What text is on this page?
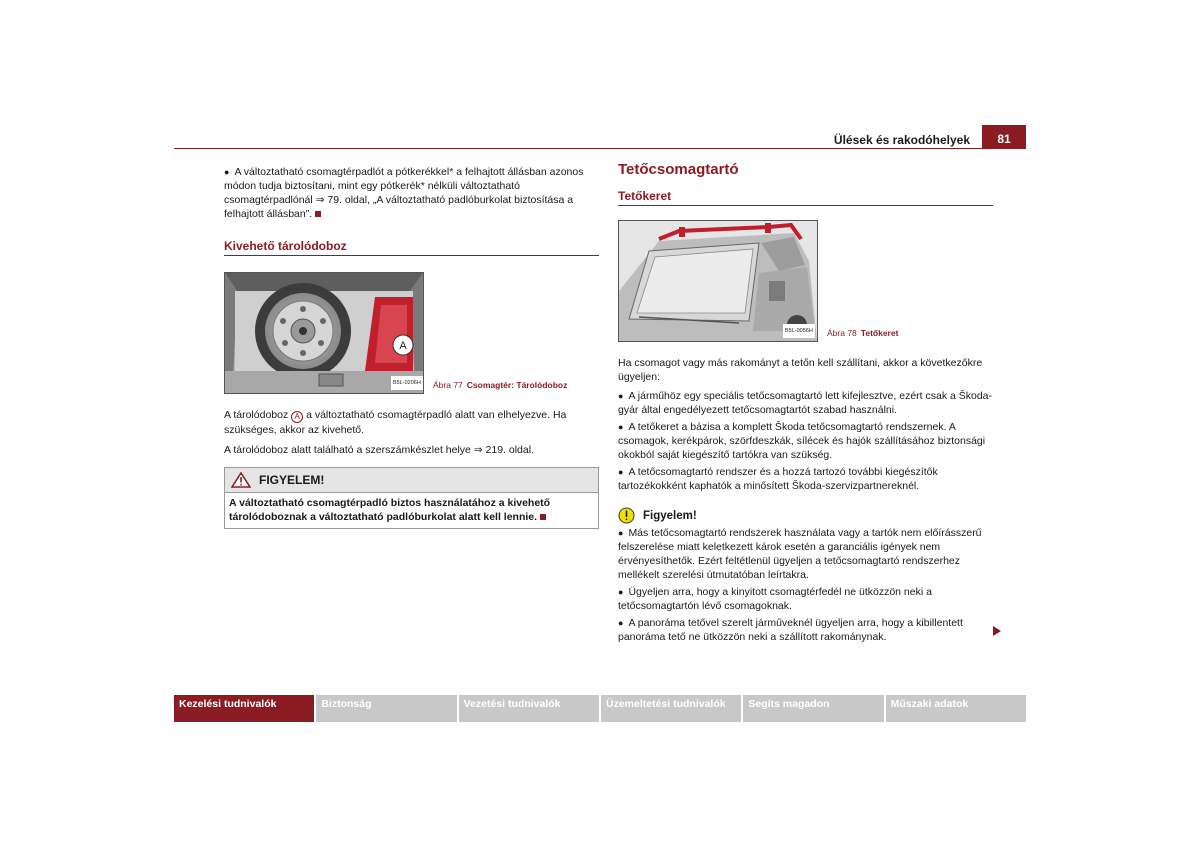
Ülések és rakodóhelyek	81

● A változtatható csomagtérpadlót a pótkerékkel* a felhajtott állásban azonos módon tudja biztosítani, mint egy pótkerék* nélküli változtatható csomagtérpadlónál ⇒ 79. oldal, „A változtatható padlóburkolat biztosítása a felhajtott állásban”.

Kivehető tárolódoboz
A
B5L-0206H Ábra 77 Csomagtér: Tárolódoboz

A tárolódoboz A a változtatható csomagtérpadló alatt van elhelyezve. Ha szükséges, akkor az kivehető.

A tárolódoboz alatt található a szerszámkészlet helye ⇒ 219. oldal.

FIGYELEM!
A változtatható csomagtérpadló biztos használatához a kivehető tárolódoboznak a változtatható padlóburkolat alatt kell lennie.
Tetőcsomagtartó
Tetőkeret
B5L-0056H Ábra 78 Tetőkeret

Ha csomagot vagy más rakományt a tetőn kell szállítani, akkor a következőkre ügyeljen:

● A járműhöz egy speciális tetőcsomagtartó lett kifejlesztve, ezért csak a Škoda-gyár által engedélyezett tetőcsomagtartót szabad használni.

● A tetőkeret a bázisa a komplett Škoda tetőcsomagtartó rendszernek. A csomagok, kerékpárok, szörfdeszkák, sílécek és hajók szállításához biztonsági okokból saját kiegészítő tartókra van szükség.

● A tetőcsomagtartó rendszer és a hozzá tartozó további kiegészítők tartozékokként kaphatók a minősített Škoda-szervizpartnereknél.

Figyelem!

● Más tetőcsomagtartó rendszerek használata vagy a tartók nem előírásszerű felszerelése miatt keletkezett károk esetén a garanciális igények nem érvényesíthetők. Ezért feltétlenül ügyeljen a tetőcsomagtartó rendszerhez mellékelt szerelési útmutatóban leírtakra.

● Ügyeljen arra, hogy a kinyitott csomagtérfedél ne ütközzön neki a tetőcsomagtartón lévő csomagoknak.

● A panoráma tetővel szerelt járműveknél ügyeljen arra, hogy a kibillentett panoráma tető ne ütközzön neki a szállított rakománynak.

Kezelési tudnivalók	Biztonság	Vezetési tudnivalók	Üzemeltetési tudnivalók	Segíts magadon	Műszaki adatok
